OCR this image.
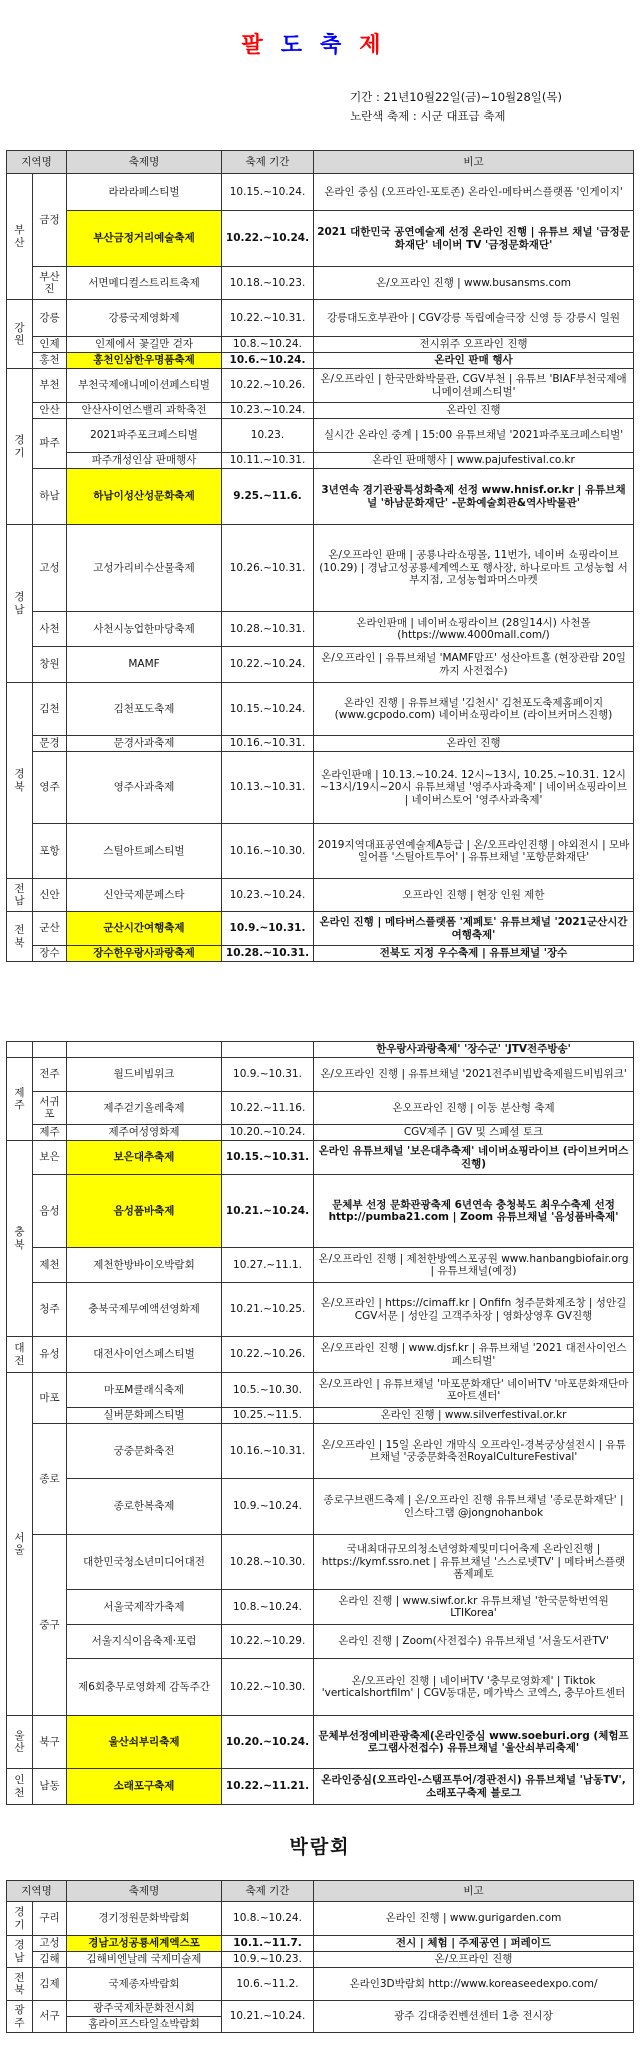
팔도축제
기간 : 21년10월22일(금)~10월28일(목)
노란색 축제 : 시군 대표급 축제
지역명		축제명	축제 기간	비고
부산	금정	라라라페스티벌	10.15.~10.24.	온라인 중심 (오프라인-포토존) 온라인-메타버스플랫폼 '인게이지'
		부산금정거리예술축제	10.22.~10.24.	2021 대한민국 공연예술제 선정 온라인 진행 | 유튜브 채널 '금정문화재단' 네이버 TV '금정문화재단'
	부산진	서면메디컬스트리트축제	10.18.~10.23.	온/오프라인 진행 | www.busansms.com
강원	강릉	강릉국제영화제	10.22.~10.31.	강릉대도호부관아 | CGV강릉 독립예술극장 신영 등 강릉시 일원
	인제	인제에서 꽃길만 걷자	10.8.~10.24.	전시위주 오프라인 진행
	홍천	홍천인삼한우명품축제	10.6.~10.24.	온라인 판매 행사
경기	부천	부천국제애니메이션페스티벌	10.22.~10.26.	온/오프라인 | 한국만화박물관, CGV부천 | 유튜브 'BIAF부천국제애니메이션페스티벌'
	안산	안산사이언스밸리 과학축전	10.23.~10.24.	온라인 진행
	파주	2021파주포크페스티벌	10.23.	실시간 온라인 중계 | 15:00 유튜브채널 '2021파주포크페스티벌'
		파주개성인삼 판매행사	10.11.~10.31.	온라인 판매행사 | www.pajufestival.co.kr
	하남	하남이성산성문화축제	9.25.~11.6.	3년연속 경기관광특성화축제 선정 www.hnisf.or.kr | 유튜브채널 '하남문화재단' -문화예술회관&역사박물관'
경남	고성	고성가리비수산물축제	10.26.~10.31.	온/오프라인 판매 | 공룡나라쇼핑몰, 11번가, 네이버 쇼핑라이브(10.29) | 경남고성공룡세계엑스포 행사장, 하나로마트 고성농협 서부지점, 고성농협파머스마켓
	사천	사천시농업한마당축제	10.28.~10.31.	온라인판매 | 네이버쇼핑라이브 (28일14시) 사천몰 (https://www.4000mall.com/)
	창원	MAMF	10.22.~10.24.	온/오프라인 | 유튜브채널 'MAMF맘프' 성산아트홀 (현장관람 20일까지 사전접수)
경북	김천	김천포도축제	10.15.~10.24.	온라인 진행 | 유튜브채널 '김천시' 김천포도축제홈페이지 (www.gcpodo.com) 네이버쇼핑라이브 (라이브커머스진행)
	문경	문경사과축제	10.16.~10.31.	온라인 진행
	영주	영주사과축제	10.13.~10.31.	온라인판매 | 10.13.~10.24. 12시~13시, 10.25.~10.31. 12시~13시/19시~20시 유튜브채널 '영주사과축제' | 네이버쇼핑라이브 | 네이버스토어 '영주사과축제'
	포항	스틸아트페스티벌	10.16.~10.30.	2019지역대표공연예술제A등급 | 온/오프라인진행 | 야외전시 | 모바일어플 '스틸아트투어' | 유튜브채널 '포항문화재단'
전남	신안	신안국제문페스타	10.23.~10.24.	오프라인 진행 | 현장 인원 제한
전북	군산	군산시간여행축제	10.9.~10.31.	온라인 진행 | 메타버스플랫폼 '제페토' 유튜브채널 '2021군산시간여행축제'
	장수	장수한우랑사과랑축제	10.28.~10.31.	전북도 지정 우수축제 | 유튜브채널 '장수
				한우랑사과랑축제' '장수군' 'JTV전주방송'
제주	전주	월드비빔위크	10.9.~10.31.	온/오프라인 진행 | 유튜브채널 '2021전주비빔밥축제월드비빔위크'
	서귀포	제주걷기올레축제	10.22.~11.16.	온오프라인 진행 | 이동 분산형 축제
	제주	제주여성영화제	10.20.~10.24.	CGV제주 | GV 및 스페셜 토크
충북	보은	보은대추축제	10.15.~10.31.	온라인 유튜브채널 '보은대추축제' 네이버쇼핑라이브 (라이브커머스진행)
	음성	음성품바축제	10.21.~10.24.	문체부 선정 문화관광축제 6년연속 충청북도 최우수축제 선정 http://pumba21.com | Zoom 유튜브채널 '음성품바축제'
	제천	제천한방바이오박람회	10.27.~11.1.	온/오프라인 진행 | 제천한방엑스포공원 www.hanbangbiofair.org | 유튜브채널(예정)
	청주	충북국제무예액션영화제	10.21.~10.25.	온/오프라인 | https://cimaff.kr | Onfifn 청주문화제조창 | 성안길CGV서문 | 성안길 고객주차장 | 영화상영후 GV진행
대전	유성	대전사이언스페스티벌	10.22.~10.26.	온/오프라인 진행 | www.djsf.kr | 유튜브채널 '2021 대전사이언스페스티벌'
서울	마포	마포M클래식축제	10.5.~10.30.	온/오프라인 | 유튜브채널 '마포문화재단' 네이버TV '마포문화재단마포아트센터'
		실버문화페스티벌	10.25.~11.5.	온라인 진행 | www.silverfestival.or.kr
	종로	궁중문화축전	10.16.~10.31.	온/오프라인 | 15일 온라인 개막식 오프라인-경복궁상설전시 | 유튜브채널 '궁중문화축전RoyalCultureFestival'
		종로한복축제	10.9.~10.24.	종로구브랜드축제 | 온/오프라인 진행 유튜브채널 '종로문화재단' | 인스타그램 @jongnohanbok
	중구	대한민국청소년미디어대전	10.28.~10.30.	국내최대규모의청소년영화제및미디어축제 온라인진행 | https://kymf.ssro.net | 유튜브채널 '스스로넷TV' | 메타버스플랫폼제페토
		서울국제작가축제	10.8.~10.24.	온라인 진행 | www.siwf.or.kr 유튜브채널 '한국문학번역원LTIKorea'
		서울지식이음축제·포럼	10.22.~10.29.	온라인 진행 | Zoom(사전접수) 유튜브채널 '서울도서관TV'
		제6회충무로영화제 감독주간	10.22.~10.30.	온/오프라인 진행 | 네이버TV '충무로영화제' | Tiktok 'verticalshortfilm' | CGV동대문, 메가박스 코엑스, 충무아트센터
울산	북구	울산쇠부리축제	10.20.~10.24.	문체부선정예비관광축제(온라인중심 www.soeburi.org (체험프로그램사전접수) 유튜브채널 '울산쇠부리축제'
인천	남동	소래포구축제	10.22.~11.21.	온라인중심(오프라인-스탬프투어/경관전시) 유튜브채널 '남동TV', 소래포구축제 블로그
박람회
지역명		축제명	축제 기간	비고
경기	구리	경기정원문화박람회	10.8.~10.24.	온라인 진행 | www.gurigarden.com
경남	고성	경남고성공룡세계엑스포	10.1.~11.7.	전시 | 체험 | 주제공연 | 퍼레이드
	김해	김해비엔날레 국제미술제	10.9.~10.23.	온/오프라인 진행
전북	김제	국제종자박람회	10.6.~11.2.	온라인3D박람회 http://www.koreaseedexpo.com/
광주	서구	광주국제차문화전시회	10.21.~10.24.	광주 김대중컨벤션센터 1층 전시장
		홈라이프스타일쇼박람회		
